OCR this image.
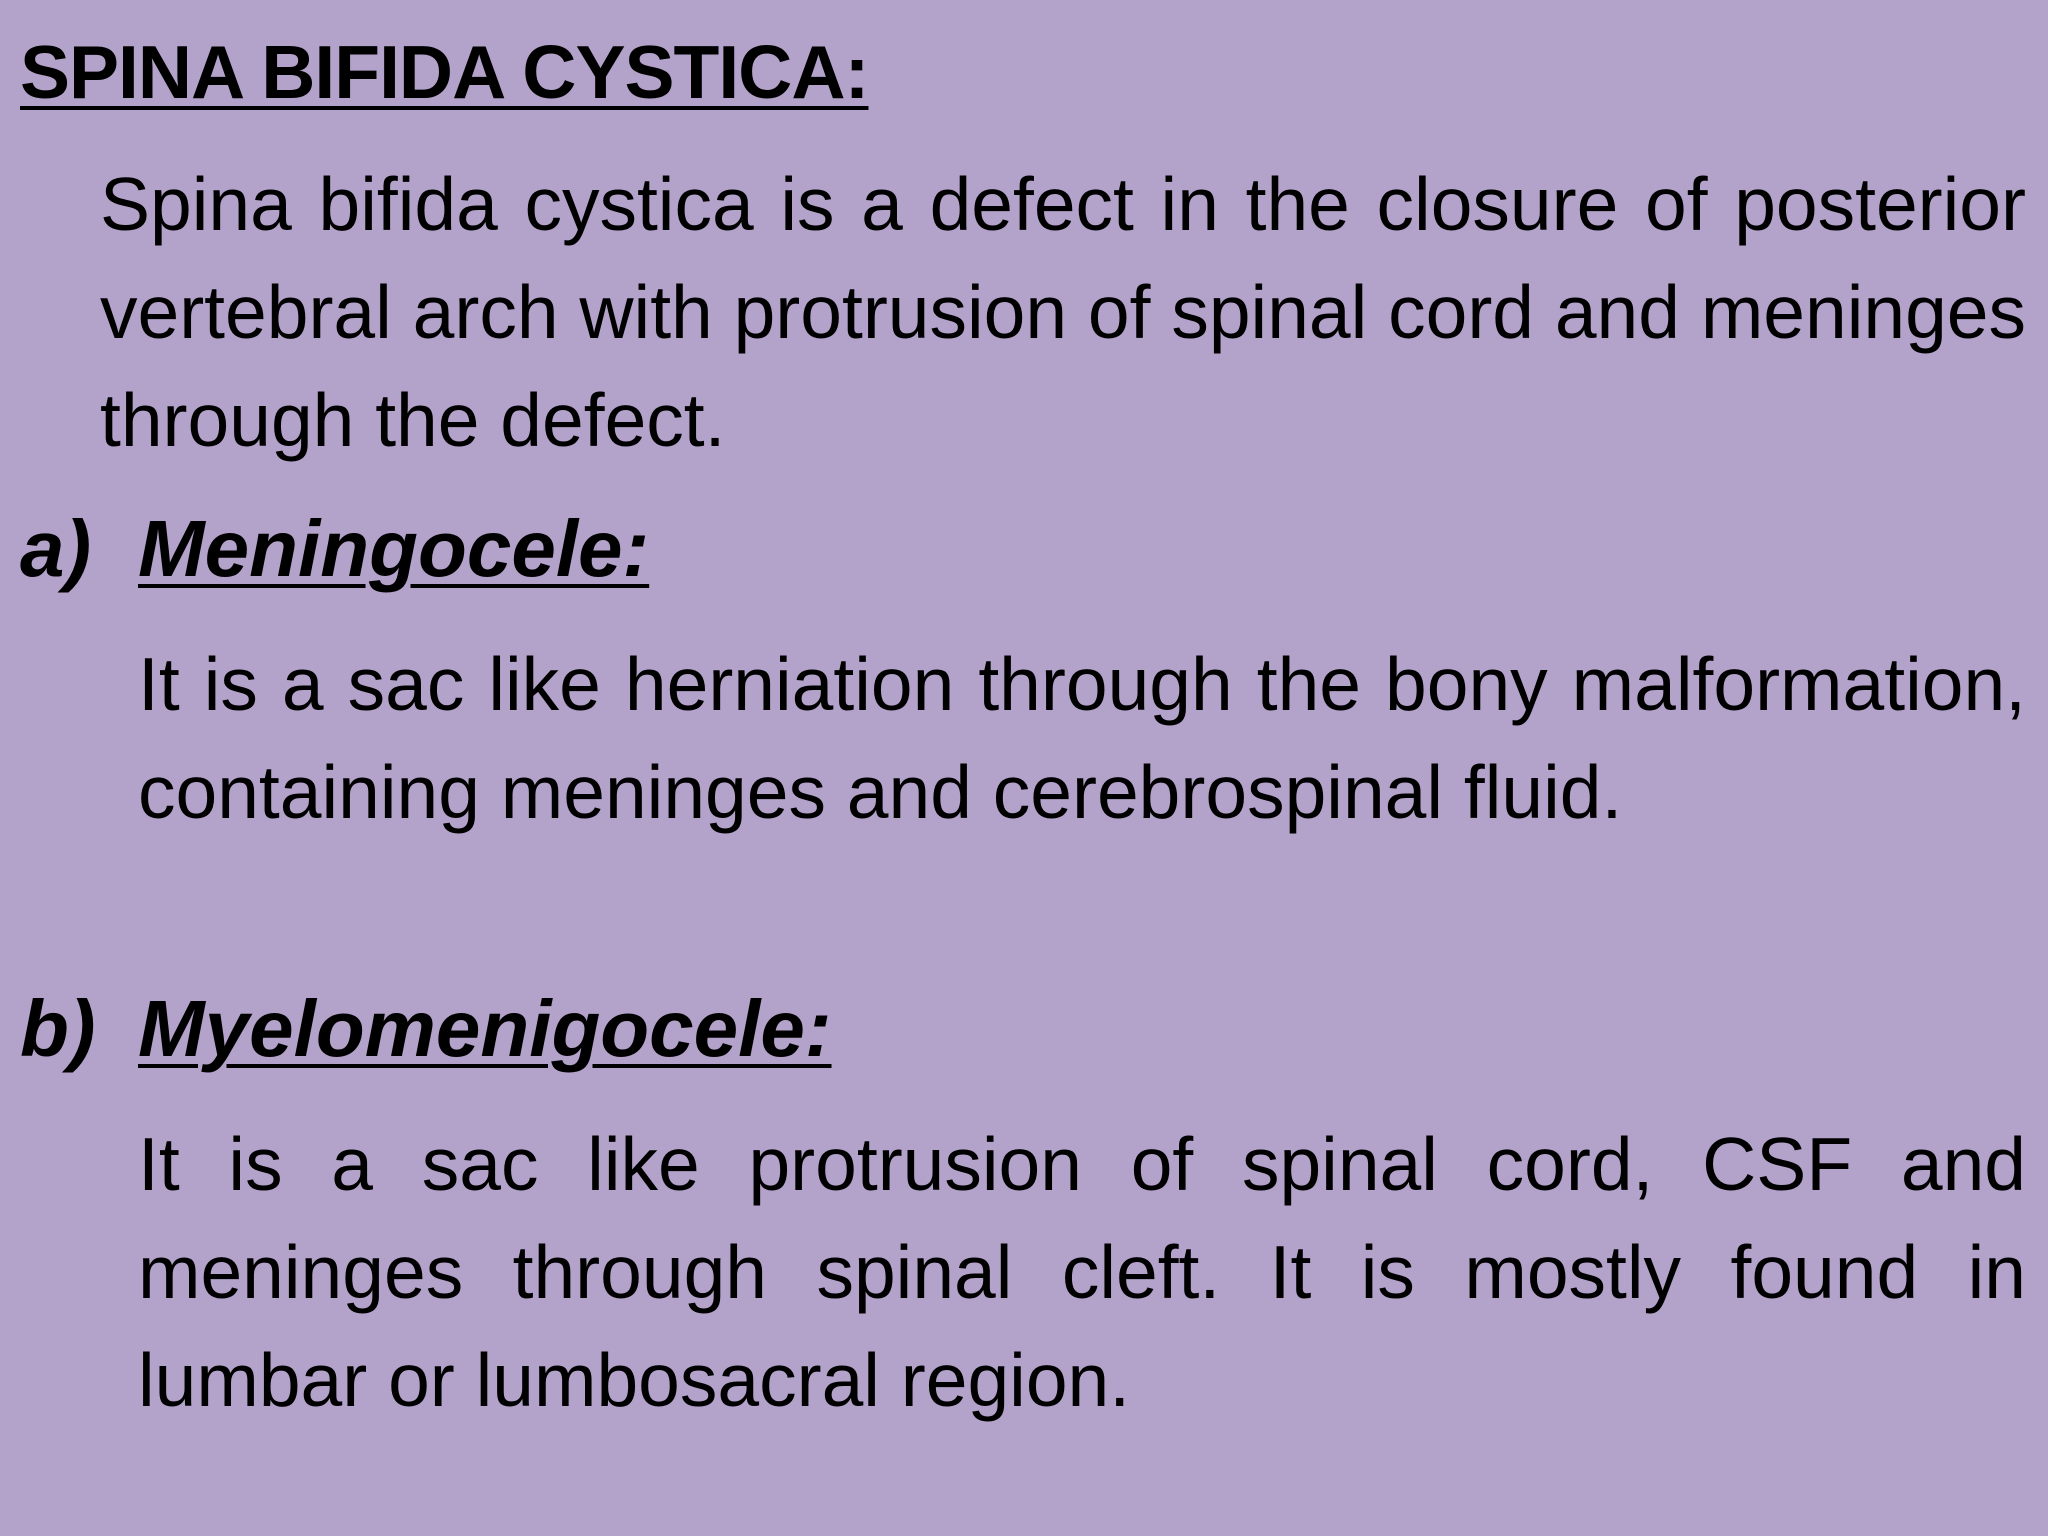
SPINA BIFIDA CYSTICA:
Spina bifida cystica is a defect in the closure of posterior vertebral arch with protrusion of spinal cord and meninges through the defect.
a) Meningocele:
It is a sac like herniation through the bony malformation, containing meninges and cerebrospinal fluid.
b) Myelomenigocele:
It is a sac like protrusion of spinal cord, CSF and meninges through spinal cleft. It is mostly found in lumbar or lumbosacral region.
